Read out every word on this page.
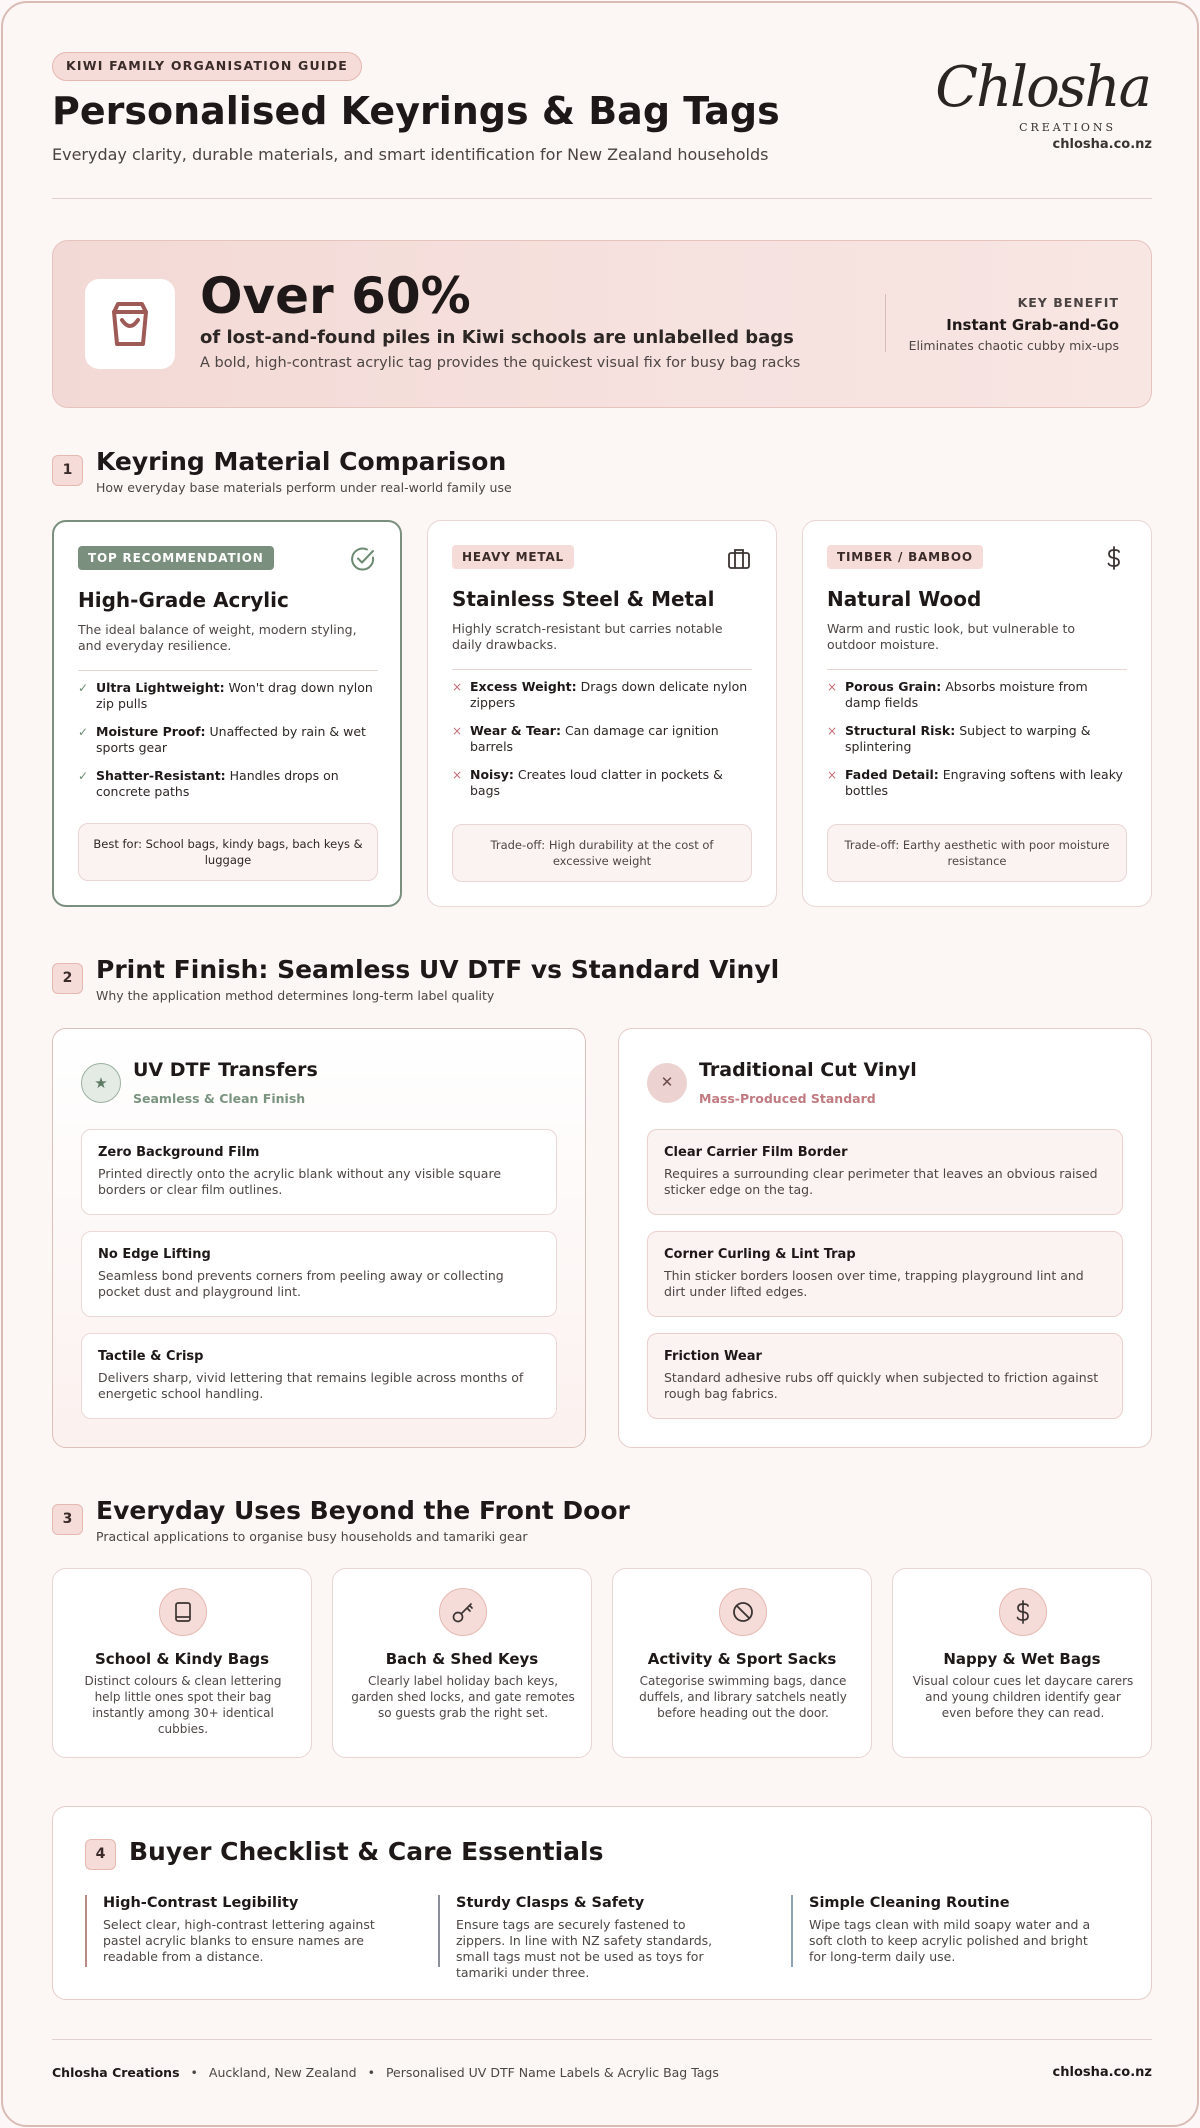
KIWI FAMILY ORGANISATION GUIDE
Personalised Keyrings & Bag Tags

Everyday clarity, durable materials, and smart identification for New Zealand households

Chlosha
CREATIONS
chlosha.co.nz
Over 60%
of lost-and-found piles in Kiwi schools are unlabelled bags
A bold, high-contrast acrylic tag provides the quickest visual fix for busy bag racks
KEY BENEFIT
Instant Grab-and-Go
Eliminates chaotic cubby mix-ups
1 Keyring Material Comparison

How everyday base materials perform under real-world family use

TOP RECOMMENDATION
High-Grade Acrylic

The ideal balance of weight, modern styling, and everyday resilience.

✓ Ultra Lightweight: Won't drag down nylon zip pulls
✓ Moisture Proof: Unaffected by rain & wet sports gear
✓ Shatter-Resistant: Handles drops on concrete paths
Best for: School bags, kindy bags, bach keys & luggage
HEAVY METAL
Stainless Steel & Metal

Highly scratch-resistant but carries notable daily drawbacks.

× Excess Weight: Drags down delicate nylon zippers
× Wear & Tear: Can damage car ignition barrels
× Noisy: Creates loud clatter in pockets & bags
Trade-off: High durability at the cost of excessive weight
TIMBER / BAMBOO
Natural Wood

Warm and rustic look, but vulnerable to outdoor moisture.

× Porous Grain: Absorbs moisture from damp fields
× Structural Risk: Subject to warping & splintering
× Faded Detail: Engraving softens with leaky bottles
Trade-off: Earthy aesthetic with poor moisture resistance
2 Print Finish: Seamless UV DTF vs Standard Vinyl

Why the application method determines long-term label quality

★
UV DTF Transfers
Seamless & Clean Finish
Zero Background Film
Printed directly onto the acrylic blank without any visible square borders or clear film outlines.
No Edge Lifting
Seamless bond prevents corners from peeling away or collecting pocket dust and playground lint.
Tactile & Crisp
Delivers sharp, vivid lettering that remains legible across months of energetic school handling.
✕
Traditional Cut Vinyl
Mass-Produced Standard
Clear Carrier Film Border
Requires a surrounding clear perimeter that leaves an obvious raised sticker edge on the tag.
Corner Curling & Lint Trap
Thin sticker borders loosen over time, trapping playground lint and dirt under lifted edges.
Friction Wear
Standard adhesive rubs off quickly when subjected to friction against rough bag fabrics.
3 Everyday Uses Beyond the Front Door

Practical applications to organise busy households and tamariki gear

School & Kindy Bags

Distinct colours & clean lettering help little ones spot their bag instantly among 30+ identical cubbies.

Bach & Shed Keys

Clearly label holiday bach keys, garden shed locks, and gate remotes so guests grab the right set.

Activity & Sport Sacks

Categorise swimming bags, dance duffels, and library satchels neatly before heading out the door.

Nappy & Wet Bags

Visual colour cues let daycare carers and young children identify gear even before they can read.

4 Buyer Checklist & Care Essentials
High-Contrast Legibility
Select clear, high-contrast lettering against pastel acrylic blanks to ensure names are readable from a distance.
Sturdy Clasps & Safety
Ensure tags are securely fastened to zippers. In line with NZ safety standards, small tags must not be used as toys for tamariki under three.
Simple Cleaning Routine
Wipe tags clean with mild soapy water and a soft cloth to keep acrylic polished and bright for long-term daily use.
Chlosha Creations • Auckland, New Zealand • Personalised UV DTF Name Labels & Acrylic Bag Tags	chlosha.co.nz
